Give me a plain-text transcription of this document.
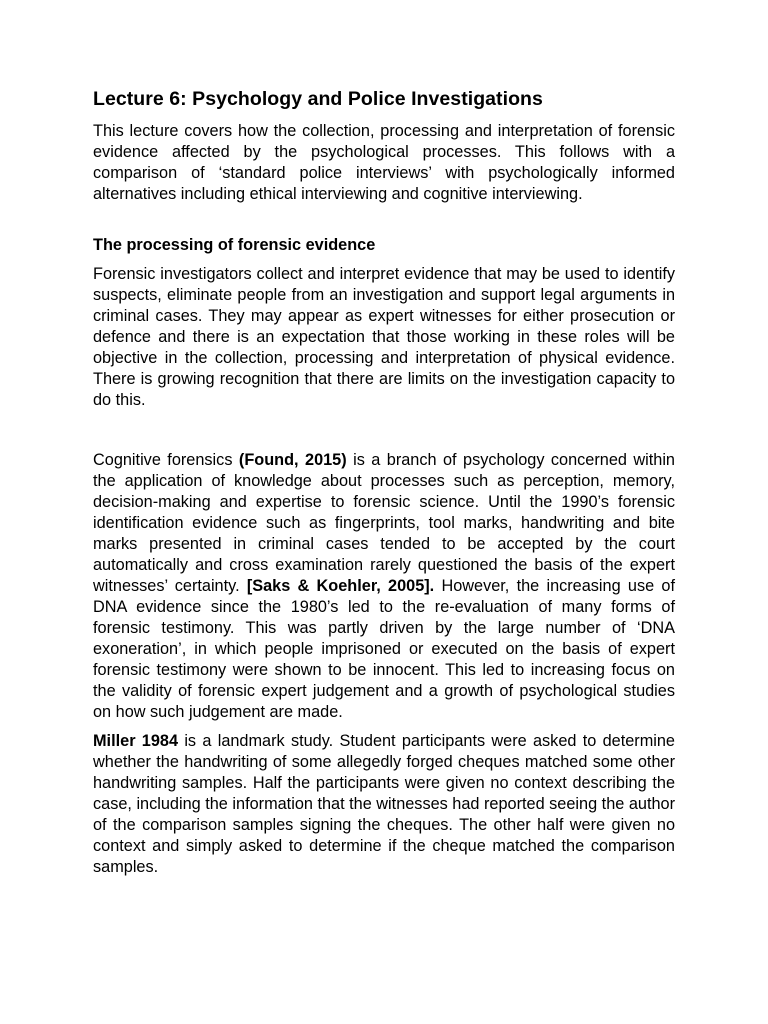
Lecture 6: Psychology and Police Investigations

This lecture covers how the collection, processing and interpretation of forensic evidence affected by the psychological processes. This follows with a comparison of ‘standard police interviews’ with psychologically informed alternatives including ethical interviewing and cognitive interviewing.

The processing of forensic evidence

Forensic investigators collect and interpret evidence that may be used to identify suspects, eliminate people from an investigation and support legal arguments in criminal cases. They may appear as expert witnesses for either prosecution or defence and there is an expectation that those working in these roles will be objective in the collection, processing and interpretation of physical evidence. There is growing recognition that there are limits on the investigation capacity to do this.

Cognitive forensics (Found, 2015) is a branch of psychology concerned within the application of knowledge about processes such as perception, memory, decision-making and expertise to forensic science. Until the 1990’s forensic identification evidence such as fingerprints, tool marks, handwriting and bite marks presented in criminal cases tended to be accepted by the court automatically and cross examination rarely questioned the basis of the expert witnesses’ certainty. [Saks & Koehler, 2005]. However, the increasing use of DNA evidence since the 1980’s led to the re-evaluation of many forms of forensic testimony. This was partly driven by the large number of ‘DNA exoneration’, in which people imprisoned or executed on the basis of expert forensic testimony were shown to be innocent. This led to increasing focus on the validity of forensic expert judgement and a growth of psychological studies on how such judgement are made.

Miller 1984 is a landmark study. Student participants were asked to determine whether the handwriting of some allegedly forged cheques matched some other handwriting samples. Half the participants were given no context describing the case, including the information that the witnesses had reported seeing the author of the comparison samples signing the cheques. The other half were given no context and simply asked to determine if the cheque matched the comparison samples.
